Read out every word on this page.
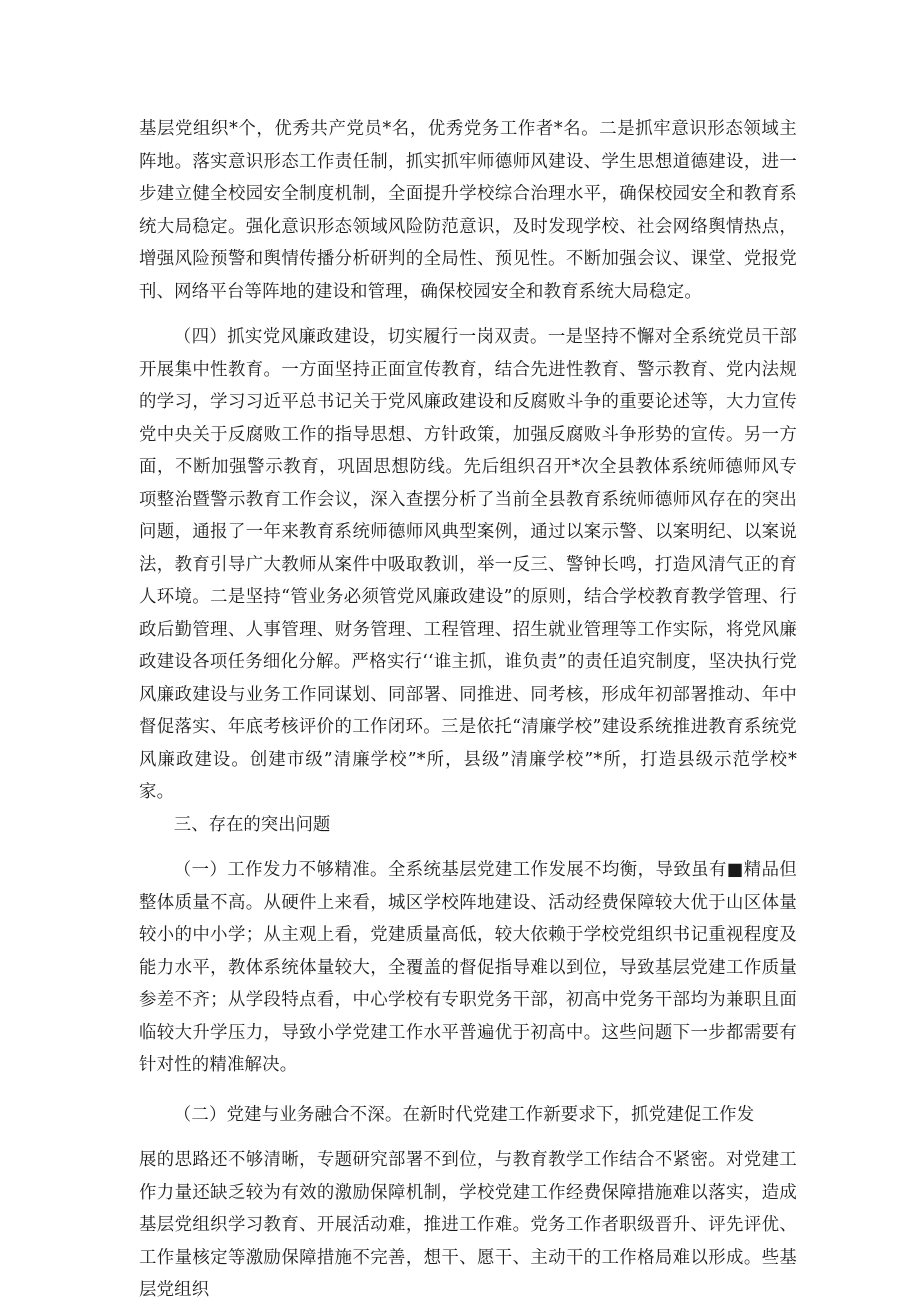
基层党组织*个，优秀共产党员*名，优秀党务工作者*名。二是抓牢意识形态领域主阵地。落实意识形态工作责任制，抓实抓牢师德师风建设、学生思想道德建设，进一步建立健全校园安全制度机制，全面提升学校综合治理水平，确保校园安全和教育系统大局稳定。强化意识形态领域风险防范意识，及时发现学校、社会网络舆情热点，增强风险预警和舆情传播分析研判的全局性、预见性。不断加强会议、课堂、党报党刊、网络平台等阵地的建设和管理，确保校园安全和教育系统大局稳定。

（四）抓实党风廉政建设，切实履行一岗双责。一是坚持不懈对全系统党员干部开展集中性教育。一方面坚持正面宣传教育，结合先进性教育、警示教育、党内法规的学习，学习习近平总书记关于党风廉政建设和反腐败斗争的重要论述等，大力宣传党中央关于反腐败工作的指导思想、方针政策，加强反腐败斗争形势的宣传。另一方面，不断加强警示教育，巩固思想防线。先后组织召开*次全县教体系统师德师风专项整治暨警示教育工作会议，深入查摆分析了当前全县教育系统师德师风存在的突出问题，通报了一年来教育系统师德师风典型案例，通过以案示警、以案明纪、以案说法，教育引导广大教师从案件中吸取教训，举一反三、警钟长鸣，打造风清气正的育人环境。二是坚持“管业务必须管党风廉政建设”的原则，结合学校教育教学管理、行政后勤管理、人事管理、财务管理、工程管理、招生就业管理等工作实际，将党风廉政建设各项任务细化分解。严格实行‘‘谁主抓，谁负责”的责任追究制度，坚决执行党风廉政建设与业务工作同谋划、同部署、同推进、同考核，形成年初部署推动、年中督促落实、年底考核评价的工作闭环。三是依托“清廉学校”建设系统推进教育系统党风廉政建设。创建市级”清廉学校”*所，县级”清廉学校”*所，打造县级示范学校*家。

三、存在的突出问题

（一）工作发力不够精准。全系统基层党建工作发展不均衡，导致虽有■精品但整体质量不高。从硬件上来看，城区学校阵地建设、活动经费保障较大优于山区体量较小的中小学；从主观上看，党建质量高低，较大依赖于学校党组织书记重视程度及能力水平，教体系统体量较大，全覆盖的督促指导难以到位，导致基层党建工作质量参差不齐；从学段特点看，中心学校有专职党务干部，初高中党务干部均为兼职且面临较大升学压力，导致小学党建工作水平普遍优于初高中。这些问题下一步都需要有针对性的精准解决。

（二）党建与业务融合不深。在新时代党建工作新要求下，抓党建促工作发

展的思路还不够清晰，专题研究部署不到位，与教育教学工作结合不紧密。对党建工作力量还缺乏较为有效的激励保障机制，学校党建工作经费保障措施难以落实，造成基层党组织学习教育、开展活动难，推进工作难。党务工作者职级晋升、评先评优、工作量核定等激励保障措施不完善，想干、愿干、主动干的工作格局难以形成。些基层党组织
